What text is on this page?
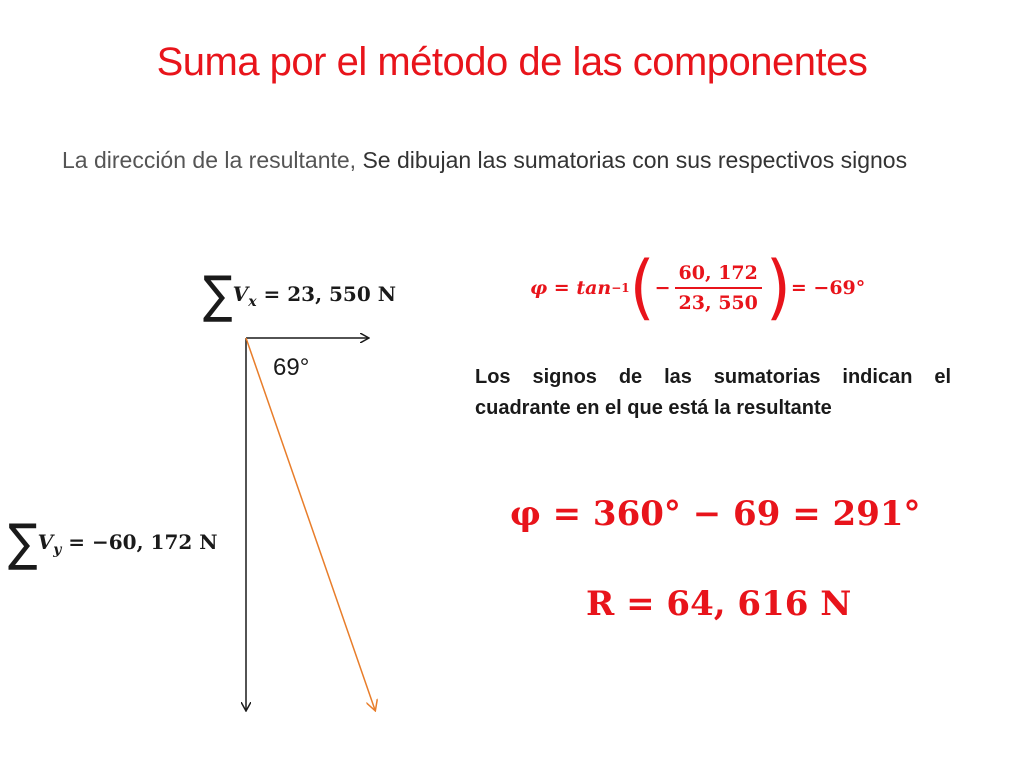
Suma por el método de las componentes
La dirección de la resultante, Se dibujan las sumatorias con sus respectivos signos
$\sum V_x = 23$, 550 N
69°
$\sum V_y = -60$, 172 N
φ = tan −1 ( − $\frac{60, 172}{23, 550}$ ) = −69°
Los signos de las sumatorias indican el
cuadrante en el que está la resultante
φ = 360° − 69 = 291°
R = 64, 616 N
